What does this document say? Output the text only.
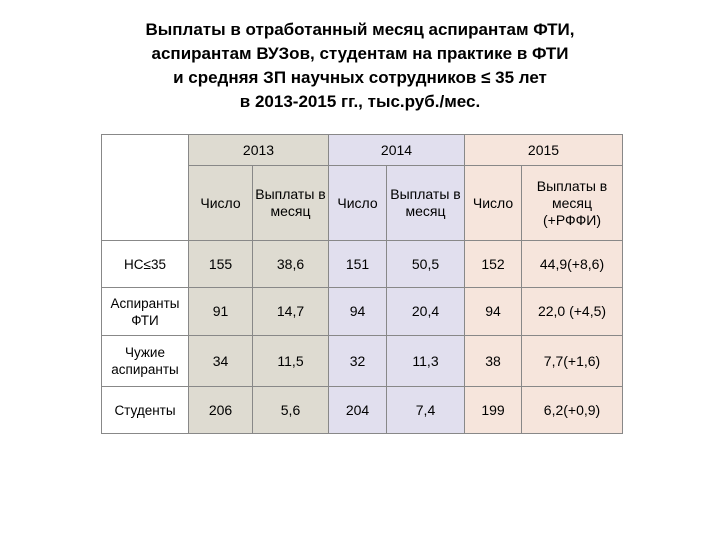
Выплаты в отработанный месяц аспирантам ФТИ,
аспирантам ВУЗов, студентам на практике в ФТИ
и средняя ЗП научных сотрудников ≤ 35 лет
в 2013-2015 гг., тыс.руб./мес.
	2013		2014		2015	
	Число	Выплаты в месяц	Число	Выплаты в месяц	Число	Выплаты в месяц (+РФФИ)
НС≤35	155	38,6	151	50,5	152	44,9(+8,6)
Аспиранты ФТИ	91	14,7	94	20,4	94	22,0 (+4,5)
Чужие аспиранты	34	11,5	32	11,3	38	7,7(+1,6)
Студенты	206	5,6	204	7,4	199	6,2(+0,9)
